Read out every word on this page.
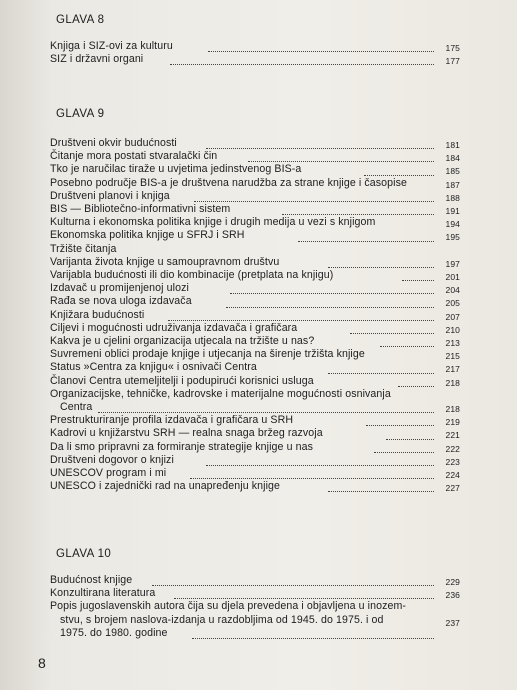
GLAVA 8
Knjiga i SIZ-ovi za kulturu	175
SIZ i državni organi	177
GLAVA 9
Društveni okvir budućnosti	181
Čitanje mora postati stvaralački čin	184
Tko je naručilac tiraže u uvjetima jedinstvenog BIS-a	185
Posebno područje BIS-a je društvena narudžba za strane knjige i časopise	187
Društveni planovi i knjiga	188
BIS — Bibliotečno-informativni sistem	191
Kulturna i ekonomska politika knjige i drugih medija u vezi s knjigom	194
Ekonomska politika knjige u SFRJ i SRH	195
Tržište čitanja
Varijanta života knjige u samoupravnom društvu	197
Varijabla budućnosti ili dio kombinacije (pretplata na knjigu)	201
Izdavač u promijenjenoj ulozi	204
Rađa se nova uloga izdavača	205
Knjižara budućnosti	207
Ciljevi i mogućnosti udruživanja izdavača i grafičara	210
Kakva je u cjelini organizacija utjecala na tržište u nas?	213
Suvremeni oblici prodaje knjige i utjecanja na širenje tržišta knjige	215
Status »Centra za knjigu« i osnivači Centra	217
Članovi Centra utemeljitelji i podupirući korisnici usluga	218
Organizacijske, tehničke, kadrovske i materijalne mogućnosti osnivanja
Centra	218
Prestrukturiranje profila izdavača i grafičara u SRH	219
Kadrovi u knjižarstvu SRH — realna snaga bržeg razvoja	221
Da li smo pripravni za formiranje strategije knjige u nas	222
Društveni dogovor o knjizi	223
UNESCOV program i mi	224
UNESCO i zajednički rad na unapređenju knjige	227
GLAVA 10
Budućnost knjige	229
Konzultirana literatura	236
Popis jugoslavenskih autora čija su djela prevedena i objavljena u inozem-
stvu, s brojem naslova-izdanja u razdobljima od 1945. do 1975. i od
1975. do 1980. godine
237
8
